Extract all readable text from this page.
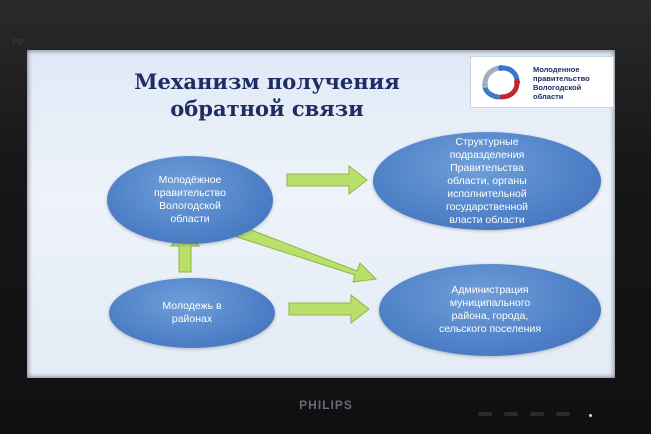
PIP
Механизм получения
обратной связи
Молоденное
правительство
Вологодской
области
Молодёжное
правительство
Вологодской
области
Структурные
подразделения
Правительства
области, органы
исполнительной
государственной
власти области
Молодежь в
районах
Администрация
муниципального
района, города,
сельского поселения
PHILIPS
